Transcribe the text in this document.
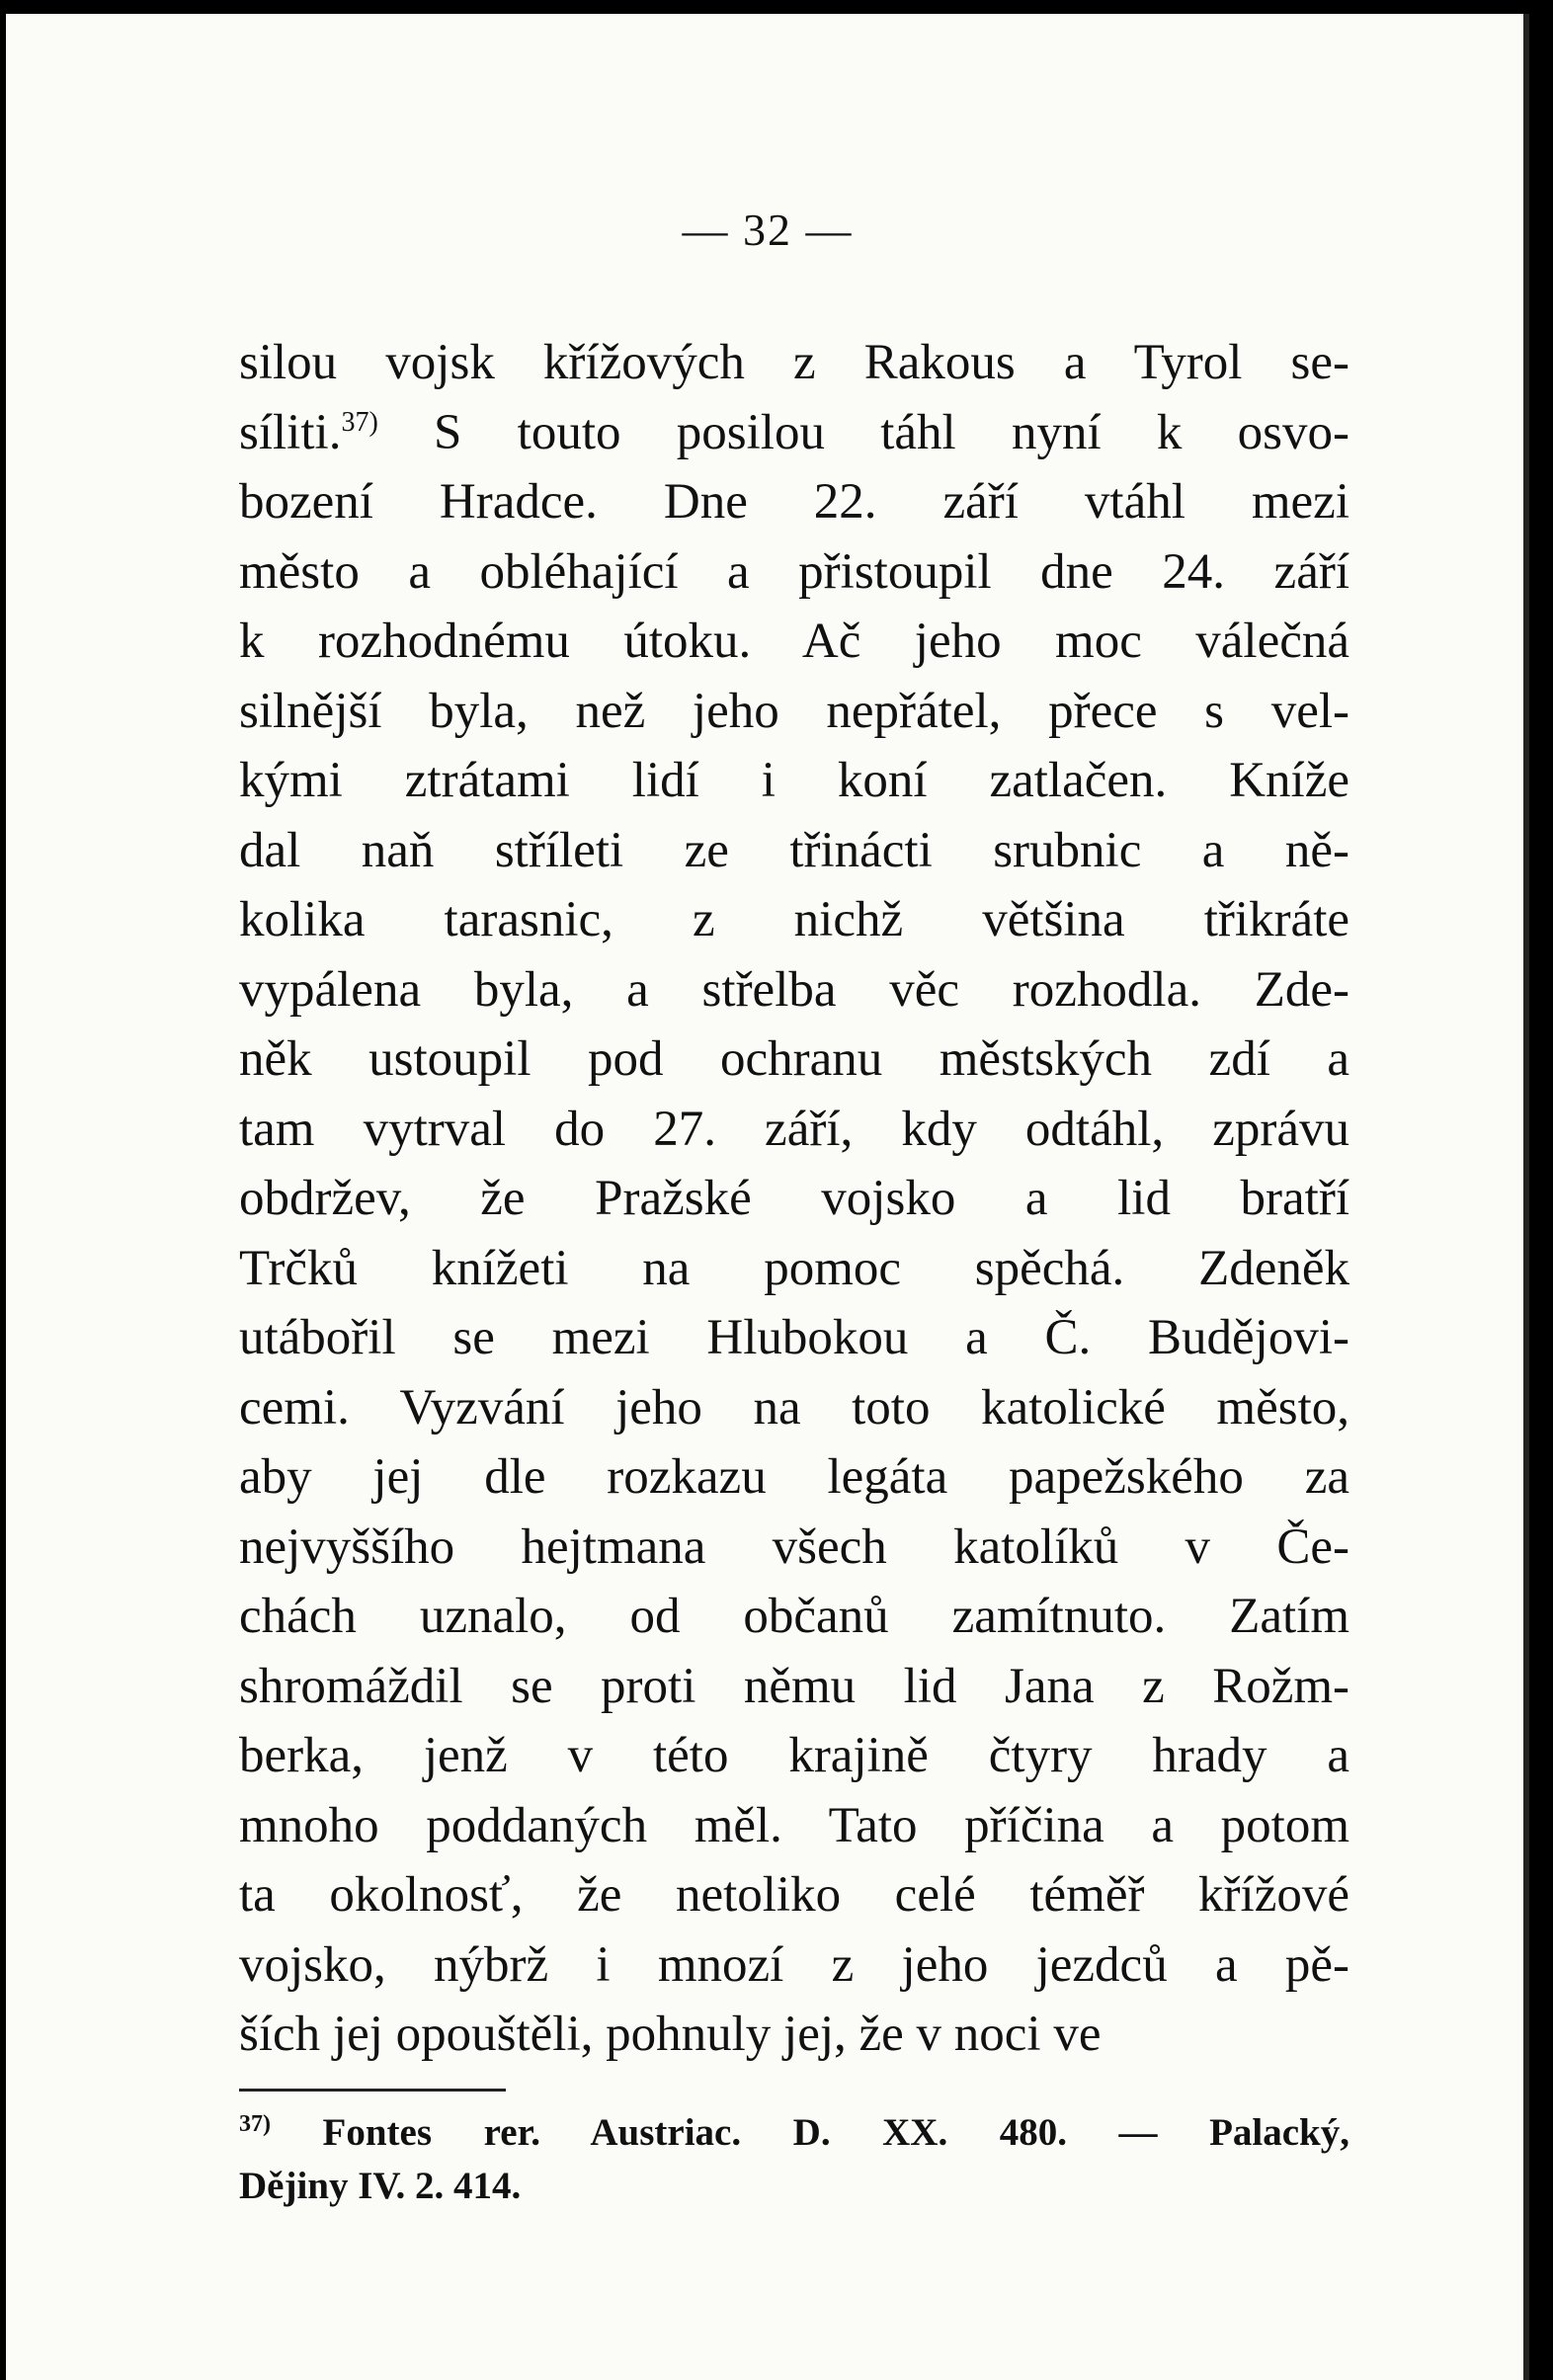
— 32 —
silou vojsk křížových z Rakous a Tyrol se-
síliti.$^{37)}$ S touto posilou táhl nyní k osvo-
bození Hradce. Dne 22. září vtáhl mezi
město a obléhající a přistoupil dne 24. září
k rozhodnému útoku. Ač jeho moc válečná
silnější byla, než jeho nepřátel, přece s vel-
kými ztrátami lidí i koní zatlačen. Kníže
dal naň stříleti ze třinácti srubnic a ně-
kolika tarasnic, z nichž většina třikráte
vypálena byla, a střelba věc rozhodla. Zde-
něk ustoupil pod ochranu městských zdí a
tam vytrval do 27. září, kdy odtáhl, zprávu
obdržev, že Pražské vojsko a lid bratří
Trčků knížeti na pomoc spěchá. Zdeněk
utábořil se mezi Hlubokou a Č. Budějovi-
cemi. Vyzvání jeho na toto katolické město,
aby jej dle rozkazu legáta papežského za
nejvyššího hejtmana všech katolíků v Če-
chách uznalo, od občanů zamítnuto. Zatím
shromáždil se proti němu lid Jana z Rožm-
berka, jenž v této krajině čtyry hrady a
mnoho poddaných měl. Tato příčina a potom
ta okolnosť, že netoliko celé téměř křížové
vojsko, nýbrž i mnozí z jeho jezdců a pě-
ších jej opouštěli, pohnuly jej, že v noci ve
$^{37)}$ Fontes rer. Austriac. D. XX. 480. — Palacký,
Dějiny IV. 2. 414.
